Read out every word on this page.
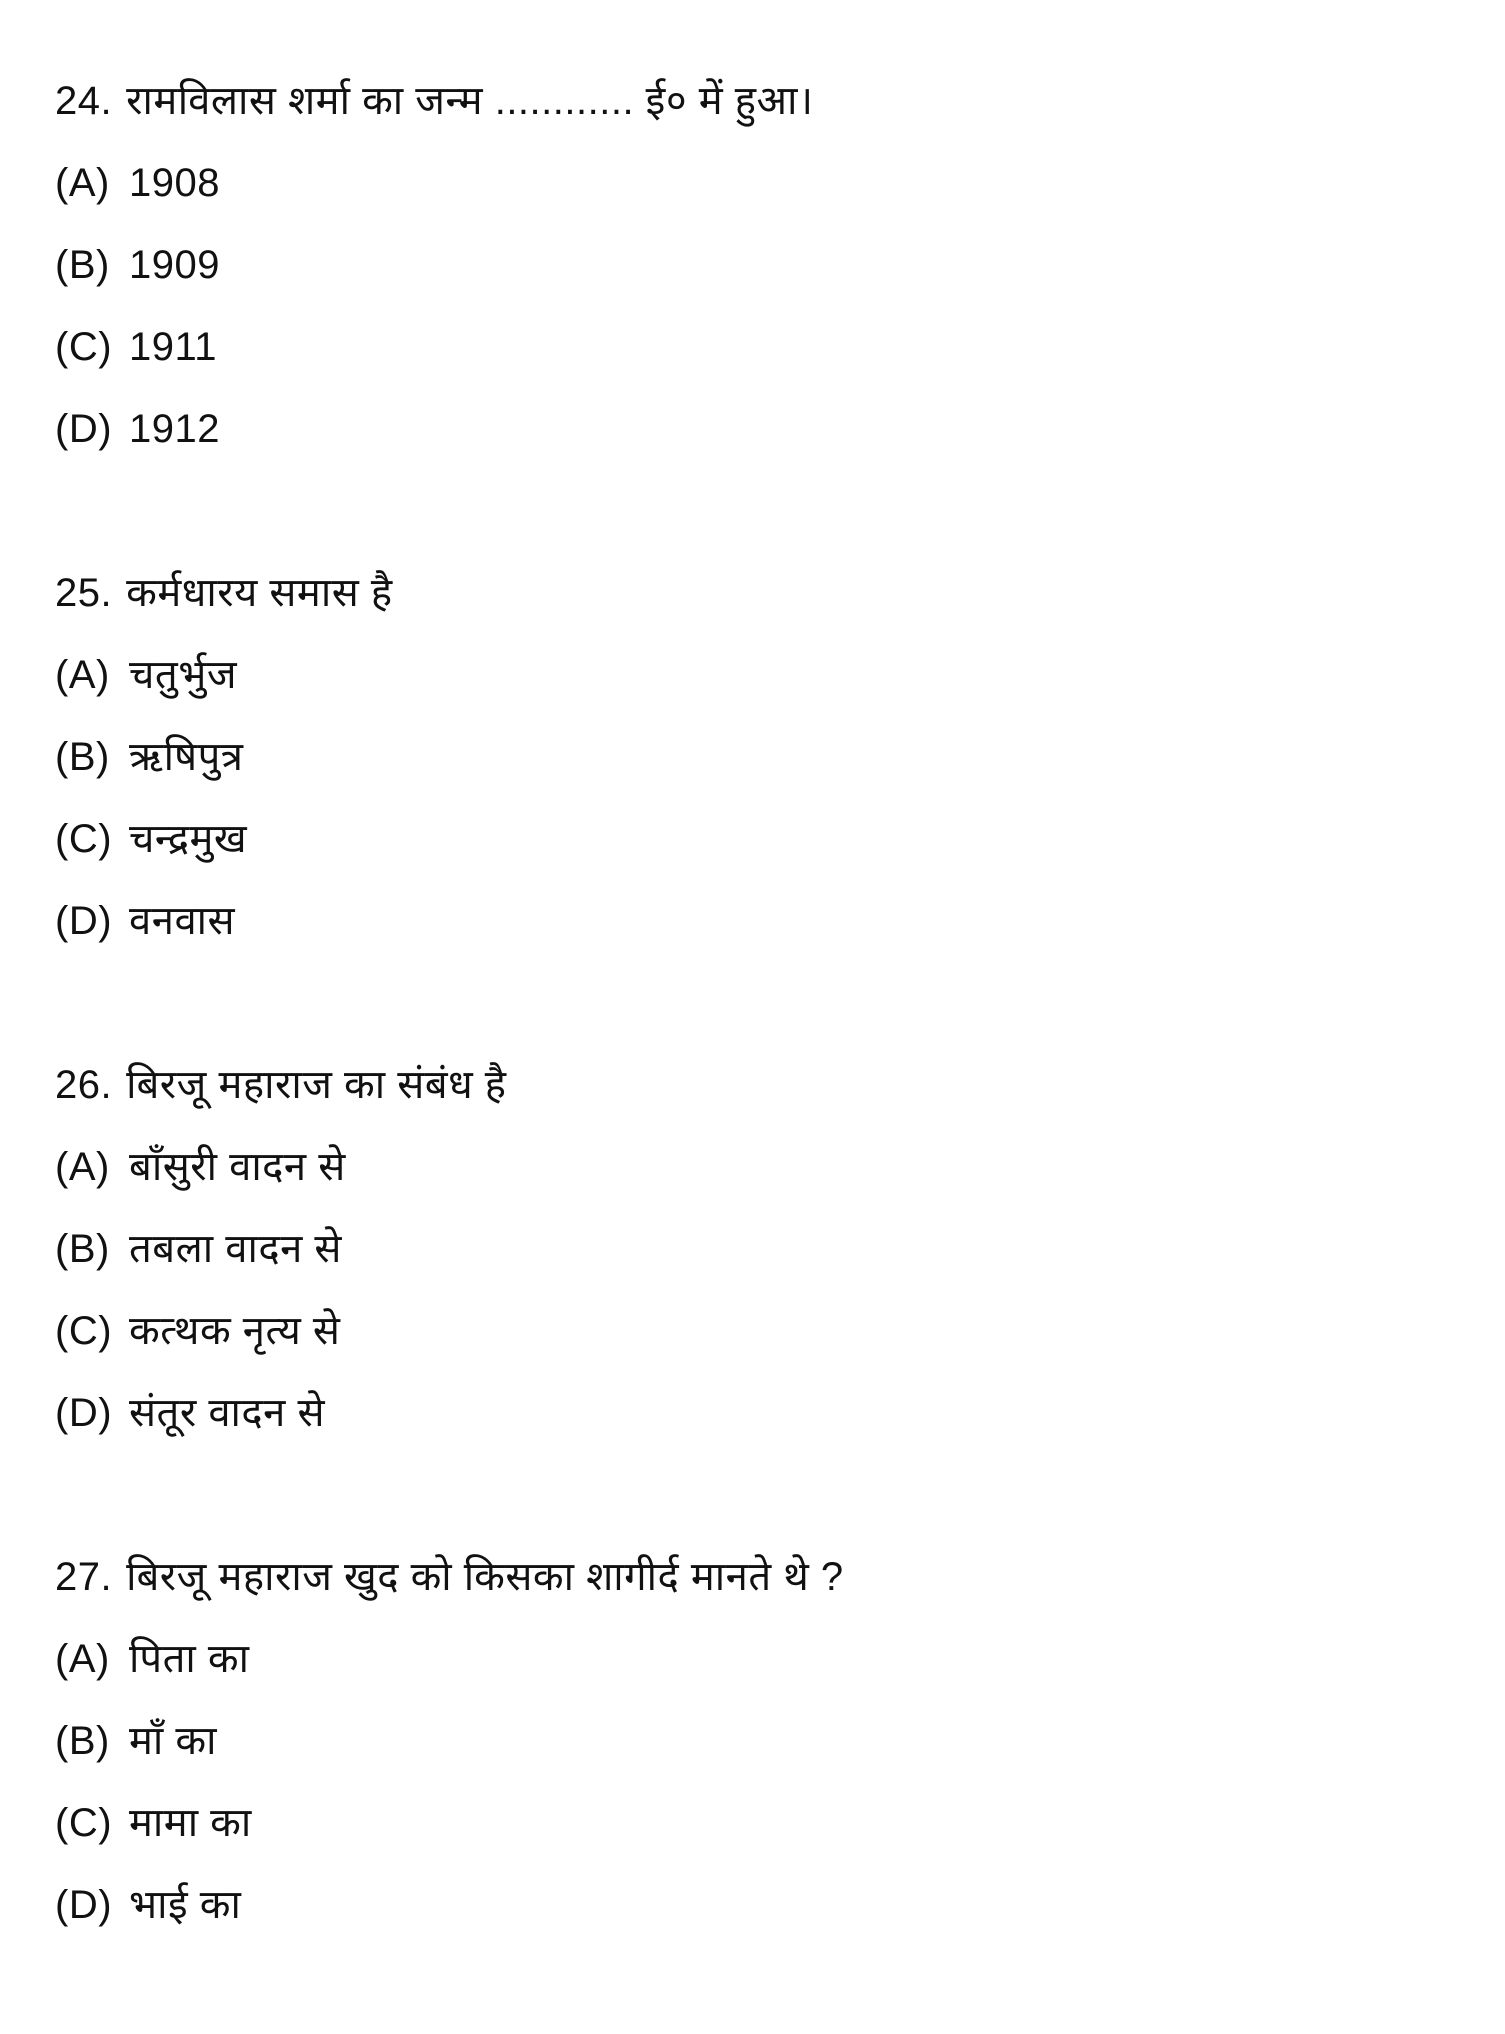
24. रामविलास शर्मा का जन्म ............ ई० में हुआ।
(A) 1908
(B) 1909
(C) 1911
(D) 1912
25. कर्मधारय समास है
(A) चतुर्भुज
(B) ऋषिपुत्र
(C) चन्द्रमुख
(D) वनवास
26. बिरजू महाराज का संबंध है
(A) बाँसुरी वादन से
(B) तबला वादन से
(C) कत्थक नृत्य से
(D) संतूर वादन से
27. बिरजू महाराज खुद को किसका शागीर्द मानते थे ?
(A) पिता का
(B) माँ का
(C) मामा का
(D) भाई का
